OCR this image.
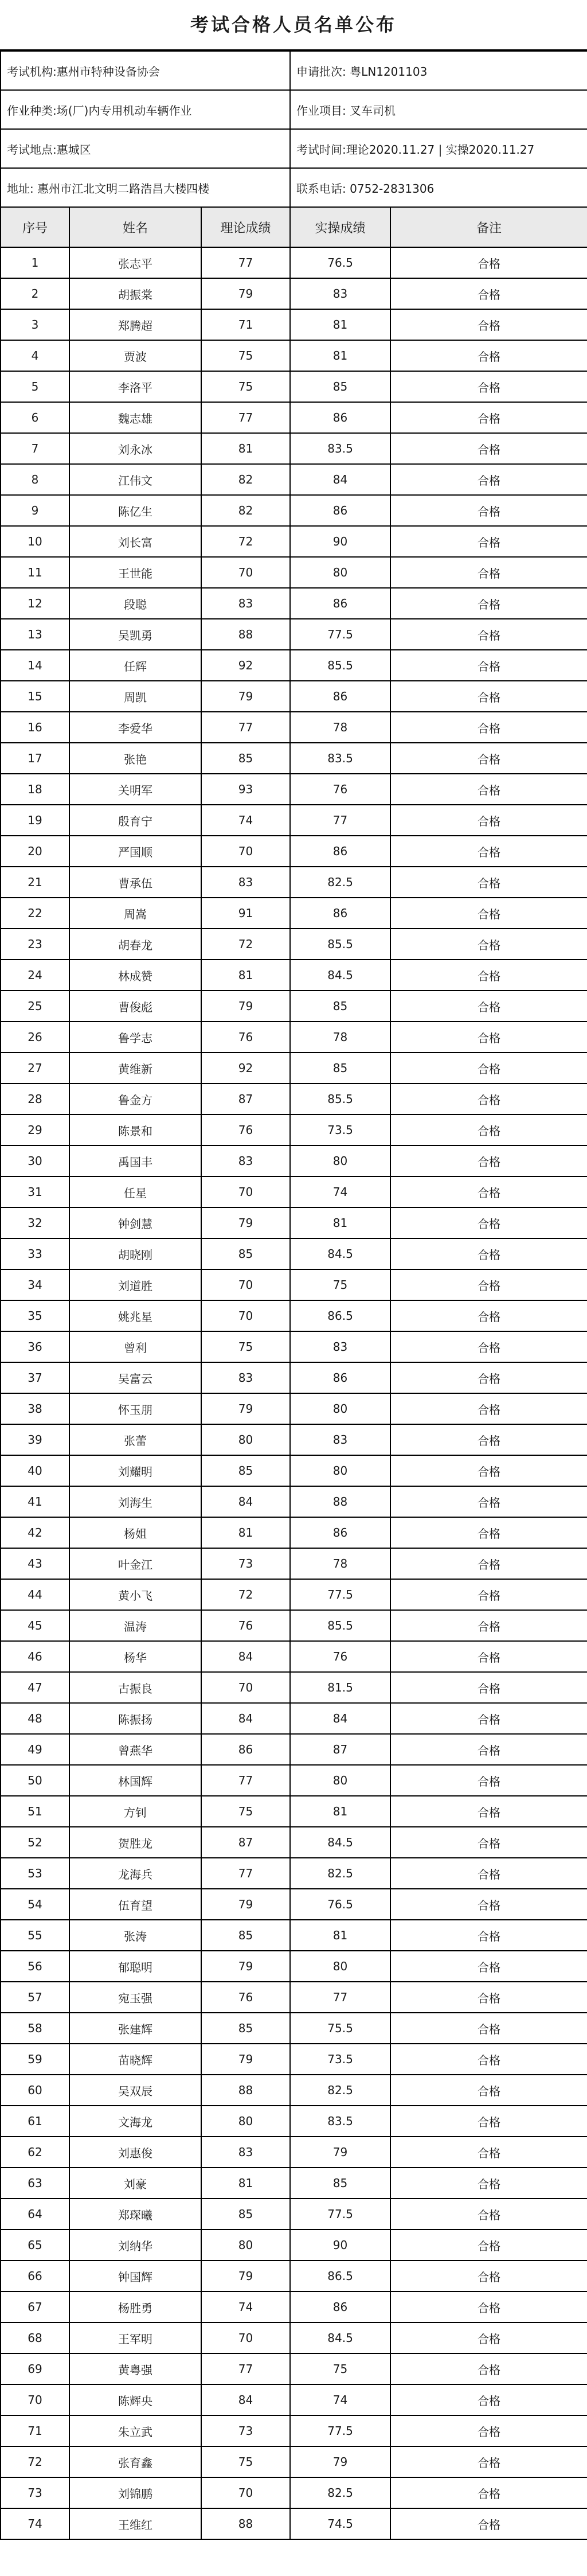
考试合格人员名单公布
考试机构:惠州市特种设备协会			申请批次: 粤LN1201103	
作业种类:场(厂)内专用机动车辆作业			作业项目: 叉车司机	
考试地点:惠城区			考试时间:理论2020.11.27 | 实操2020.11.27	
地址: 惠州市江北文明二路浩昌大楼四楼			联系电话: 0752-2831306	
序号	姓名	理论成绩	实操成绩	备注
1	张志平	77	76.5	合格
2	胡振棠	79	83	合格
3	郑腾超	71	81	合格
4	贾波	75	81	合格
5	李洛平	75	85	合格
6	魏志雄	77	86	合格
7	刘永冰	81	83.5	合格
8	江伟文	82	84	合格
9	陈亿生	82	86	合格
10	刘长富	72	90	合格
11	王世能	70	80	合格
12	段聪	83	86	合格
13	吴凯勇	88	77.5	合格
14	任辉	92	85.5	合格
15	周凯	79	86	合格
16	李爱华	77	78	合格
17	张艳	85	83.5	合格
18	关明军	93	76	合格
19	殷育宁	74	77	合格
20	严国顺	70	86	合格
21	曹承伍	83	82.5	合格
22	周嵩	91	86	合格
23	胡春龙	72	85.5	合格
24	林成赞	81	84.5	合格
25	曹俊彪	79	85	合格
26	鲁学志	76	78	合格
27	黄维新	92	85	合格
28	鲁金方	87	85.5	合格
29	陈景和	76	73.5	合格
30	禹国丰	83	80	合格
31	任星	70	74	合格
32	钟剑慧	79	81	合格
33	胡晓刚	85	84.5	合格
34	刘道胜	70	75	合格
35	姚兆星	70	86.5	合格
36	曾利	75	83	合格
37	吴富云	83	86	合格
38	怀玉朋	79	80	合格
39	张蕾	80	83	合格
40	刘耀明	85	80	合格
41	刘海生	84	88	合格
42	杨姐	81	86	合格
43	叶金江	73	78	合格
44	黄小飞	72	77.5	合格
45	温涛	76	85.5	合格
46	杨华	84	76	合格
47	古振良	70	81.5	合格
48	陈振扬	84	84	合格
49	曾燕华	86	87	合格
50	林国辉	77	80	合格
51	方钊	75	81	合格
52	贺胜龙	87	84.5	合格
53	龙海兵	77	82.5	合格
54	伍育望	79	76.5	合格
55	张涛	85	81	合格
56	郁聪明	79	80	合格
57	宛玉强	76	77	合格
58	张建辉	85	75.5	合格
59	苗晓辉	79	73.5	合格
60	吴双辰	88	82.5	合格
61	文海龙	80	83.5	合格
62	刘惠俊	83	79	合格
63	刘豪	81	85	合格
64	郑琛曦	85	77.5	合格
65	刘纳华	80	90	合格
66	钟国辉	79	86.5	合格
67	杨胜勇	74	86	合格
68	王军明	70	84.5	合格
69	黄粤强	77	75	合格
70	陈辉央	84	74	合格
71	朱立武	73	77.5	合格
72	张育鑫	75	79	合格
73	刘锦鹏	70	82.5	合格
74	王维红	88	74.5	合格
